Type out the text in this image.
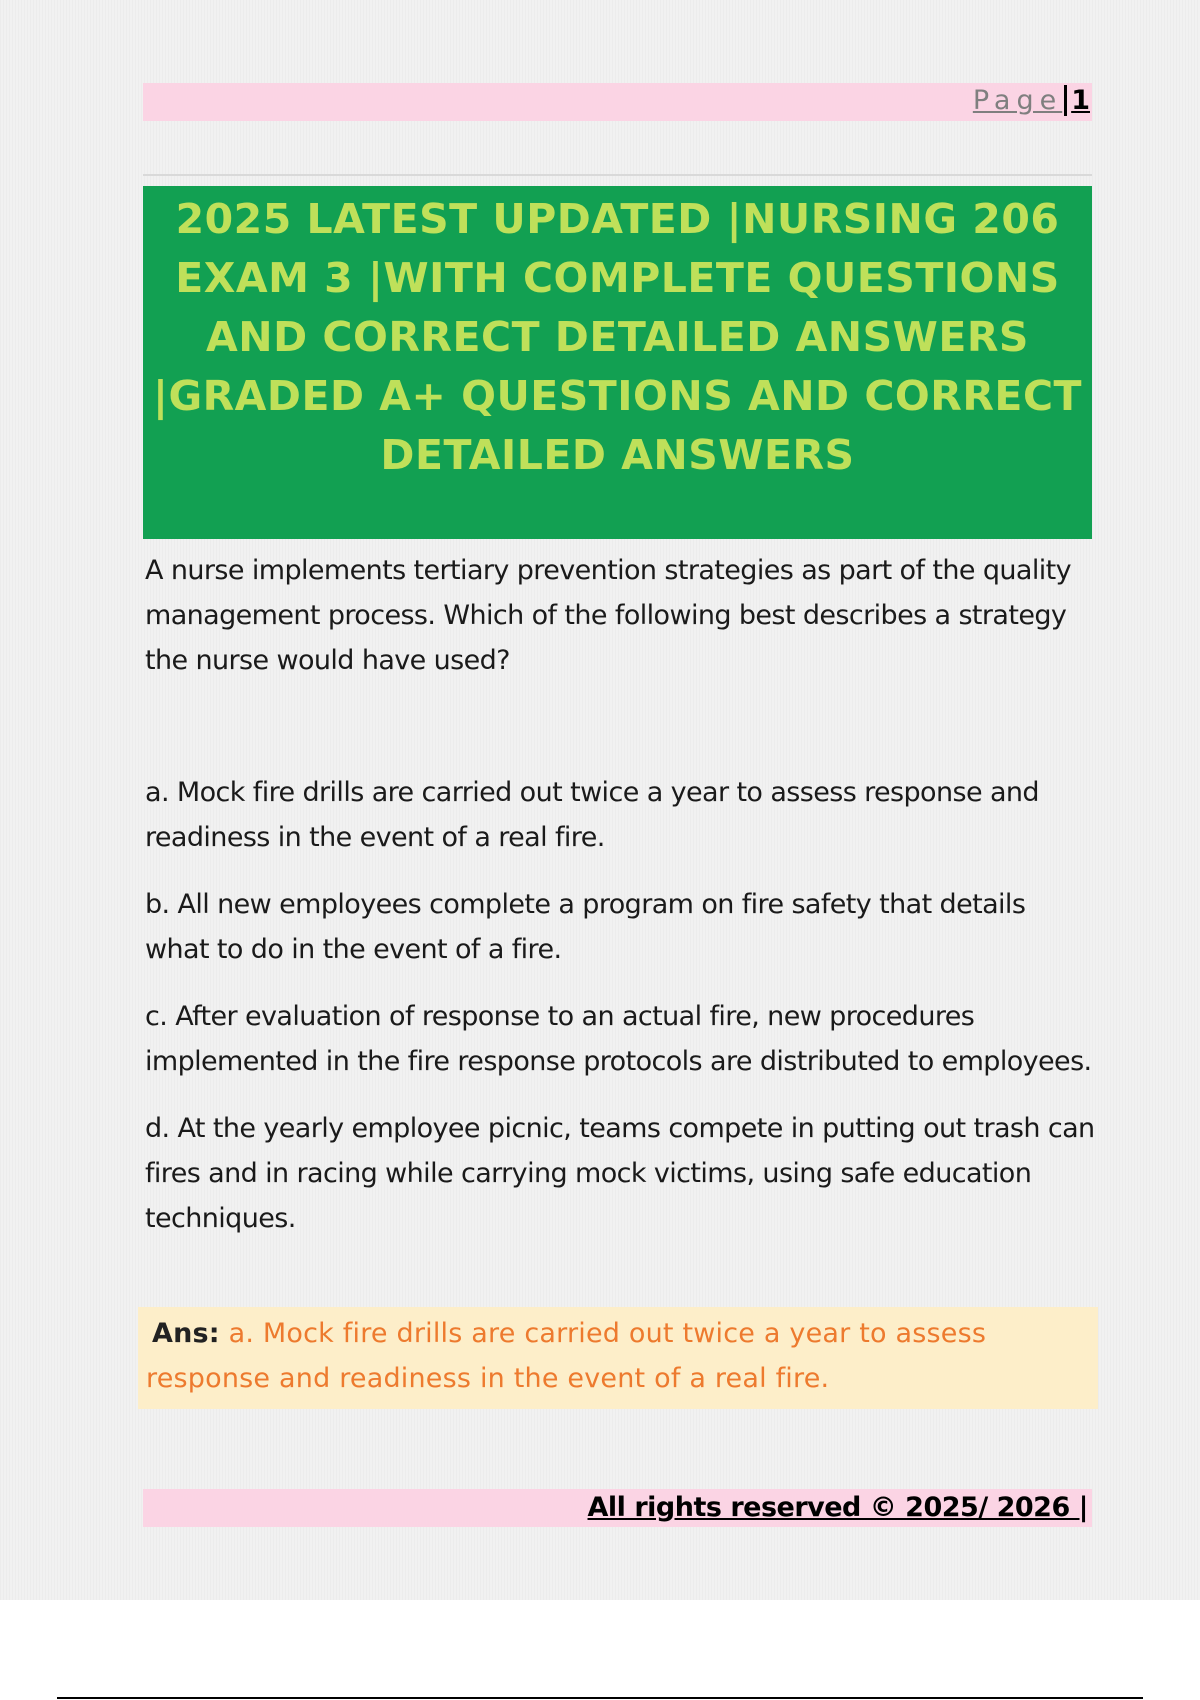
Page 1
2025 LATEST UPDATED |NURSING 206
EXAM 3 |WITH COMPLETE QUESTIONS
AND CORRECT DETAILED ANSWERS
|GRADED A+ QUESTIONS AND CORRECT
DETAILED ANSWERS

A nurse implements tertiary prevention strategies as part of the quality management process. Which of the following best describes a strategy the nurse would have used?

a. Mock fire drills are carried out twice a year to assess response and readiness in the event of a real fire.

b. All new employees complete a program on fire safety that details what to do in the event of a fire.

c. After evaluation of response to an actual fire, new procedures implemented in the fire response protocols are distributed to employees.

d. At the yearly employee picnic, teams compete in putting out trash can fires and in racing while carrying mock victims, using safe education techniques.

Ans: a. Mock fire drills are carried out twice a year to assess response and readiness in the event of a real fire.
All rights reserved © 2025/ 2026 |
